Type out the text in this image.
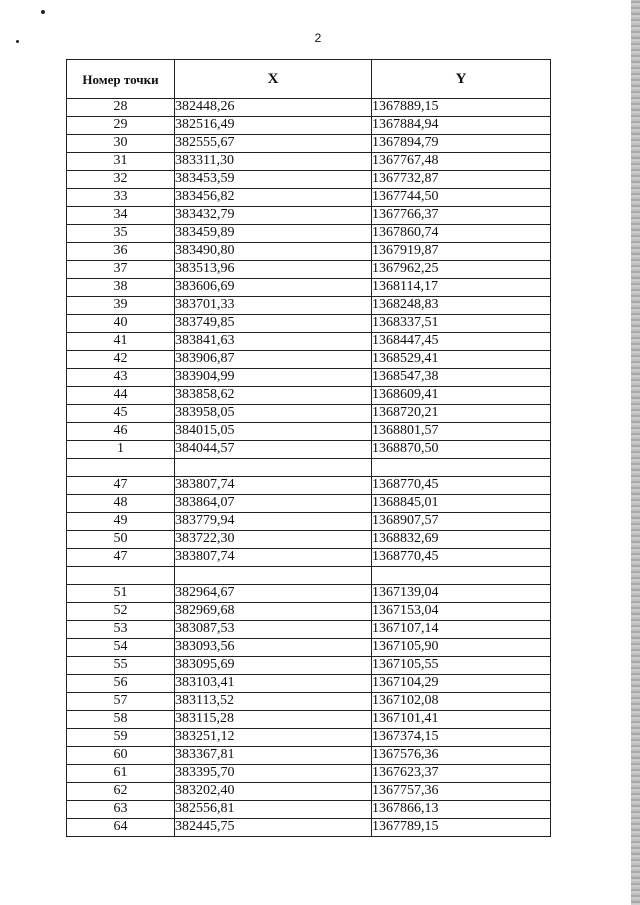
2
Номер точки	X	Y
28	382448,26	1367889,15
29	382516,49	1367884,94
30	382555,67	1367894,79
31	383311,30	1367767,48
32	383453,59	1367732,87
33	383456,82	1367744,50
34	383432,79	1367766,37
35	383459,89	1367860,74
36	383490,80	1367919,87
37	383513,96	1367962,25
38	383606,69	1368114,17
39	383701,33	1368248,83
40	383749,85	1368337,51
41	383841,63	1368447,45
42	383906,87	1368529,41
43	383904,99	1368547,38
44	383858,62	1368609,41
45	383958,05	1368720,21
46	384015,05	1368801,57
1	384044,57	1368870,50

47	383807,74	1368770,45
48	383864,07	1368845,01
49	383779,94	1368907,57
50	383722,30	1368832,69
47	383807,74	1368770,45

51	382964,67	1367139,04
52	382969,68	1367153,04
53	383087,53	1367107,14
54	383093,56	1367105,90
55	383095,69	1367105,55
56	383103,41	1367104,29
57	383113,52	1367102,08
58	383115,28	1367101,41
59	383251,12	1367374,15
60	383367,81	1367576,36
61	383395,70	1367623,37
62	383202,40	1367757,36
63	382556,81	1367866,13
64	382445,75	1367789,15
